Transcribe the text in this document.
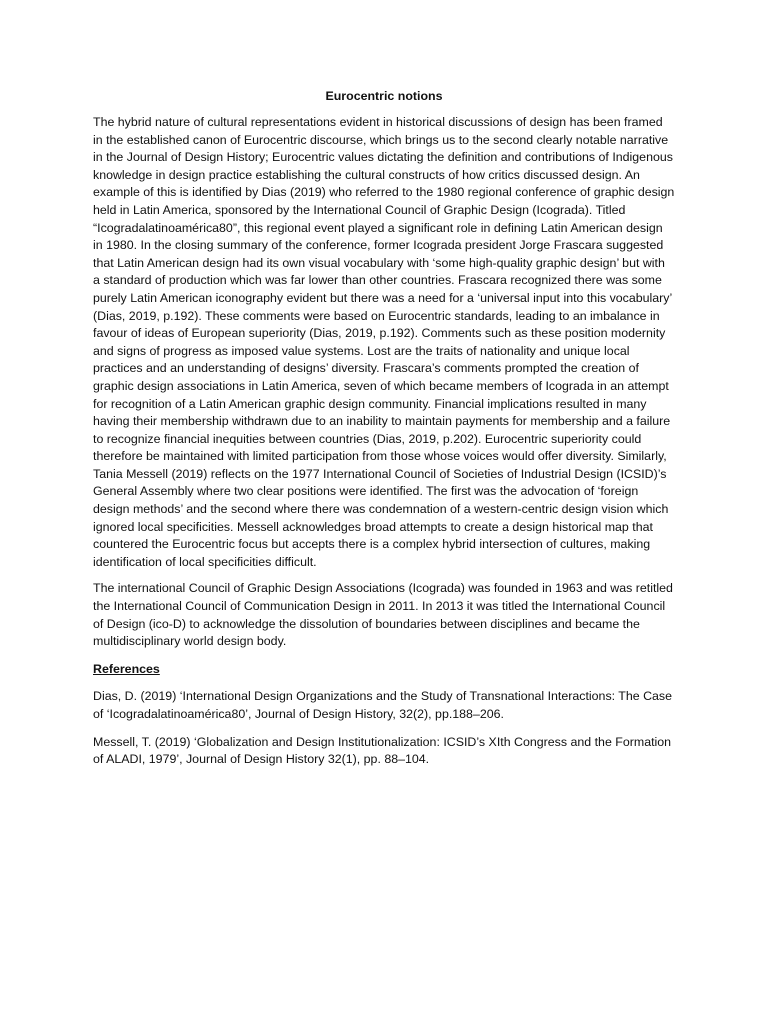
Eurocentric notions

The hybrid nature of cultural representations evident in historical discussions of design has been framed in the established canon of Eurocentric discourse, which brings us to the second clearly notable narrative in the Journal of Design History; Eurocentric values dictating the definition and contributions of Indigenous knowledge in design practice establishing the cultural constructs of how critics discussed design. An example of this is identified by Dias (2019) who referred to the 1980 regional conference of graphic design held in Latin America, sponsored by the International Council of Graphic Design (Icograda). Titled “Icogradalatinoamérica80”, this regional event played a significant role in defining Latin American design in 1980. In the closing summary of the conference, former Icograda president Jorge Frascara suggested that Latin American design had its own visual vocabulary with ‘some high-quality graphic design’ but with a standard of production which was far lower than other countries. Frascara recognized there was some purely Latin American iconography evident but there was a need for a ‘universal input into this vocabulary’ (Dias, 2019, p.192). These comments were based on Eurocentric standards, leading to an imbalance in favour of ideas of European superiority (Dias, 2019, p.192). Comments such as these position modernity and signs of progress as imposed value systems. Lost are the traits of nationality and unique local practices and an understanding of designs’ diversity. Frascara’s comments prompted the creation of graphic design associations in Latin America, seven of which became members of Icograda in an attempt for recognition of a Latin American graphic design community. Financial implications resulted in many having their membership withdrawn due to an inability to maintain payments for membership and a failure to recognize financial inequities between countries (Dias, 2019, p.202). Eurocentric superiority could therefore be maintained with limited participation from those whose voices would offer diversity. Similarly, Tania Messell (2019) reflects on the 1977 International Council of Societies of Industrial Design (ICSID)’s General Assembly where two clear positions were identified. The first was the advocation of ‘foreign design methods’ and the second where there was condemnation of a western-centric design vision which ignored local specificities. Messell acknowledges broad attempts to create a design historical map that countered the Eurocentric focus but accepts there is a complex hybrid intersection of cultures, making identification of local specificities difficult.

The international Council of Graphic Design Associations (Icograda) was founded in 1963 and was retitled the International Council of Communication Design in 2011. In 2013 it was titled the International Council of Design (ico-D) to acknowledge the dissolution of boundaries between disciplines and became the multidisciplinary world design body.

References

Dias, D. (2019) ‘International Design Organizations and the Study of Transnational Interactions: The Case of ‘Icogradalatinoamérica80’, Journal of Design History, 32(2), pp.188–206.

Messell, T. (2019) ‘Globalization and Design Institutionalization: ICSID’s XIth Congress and the Formation of ALADI, 1979’, Journal of Design History 32(1), pp. 88–104.
